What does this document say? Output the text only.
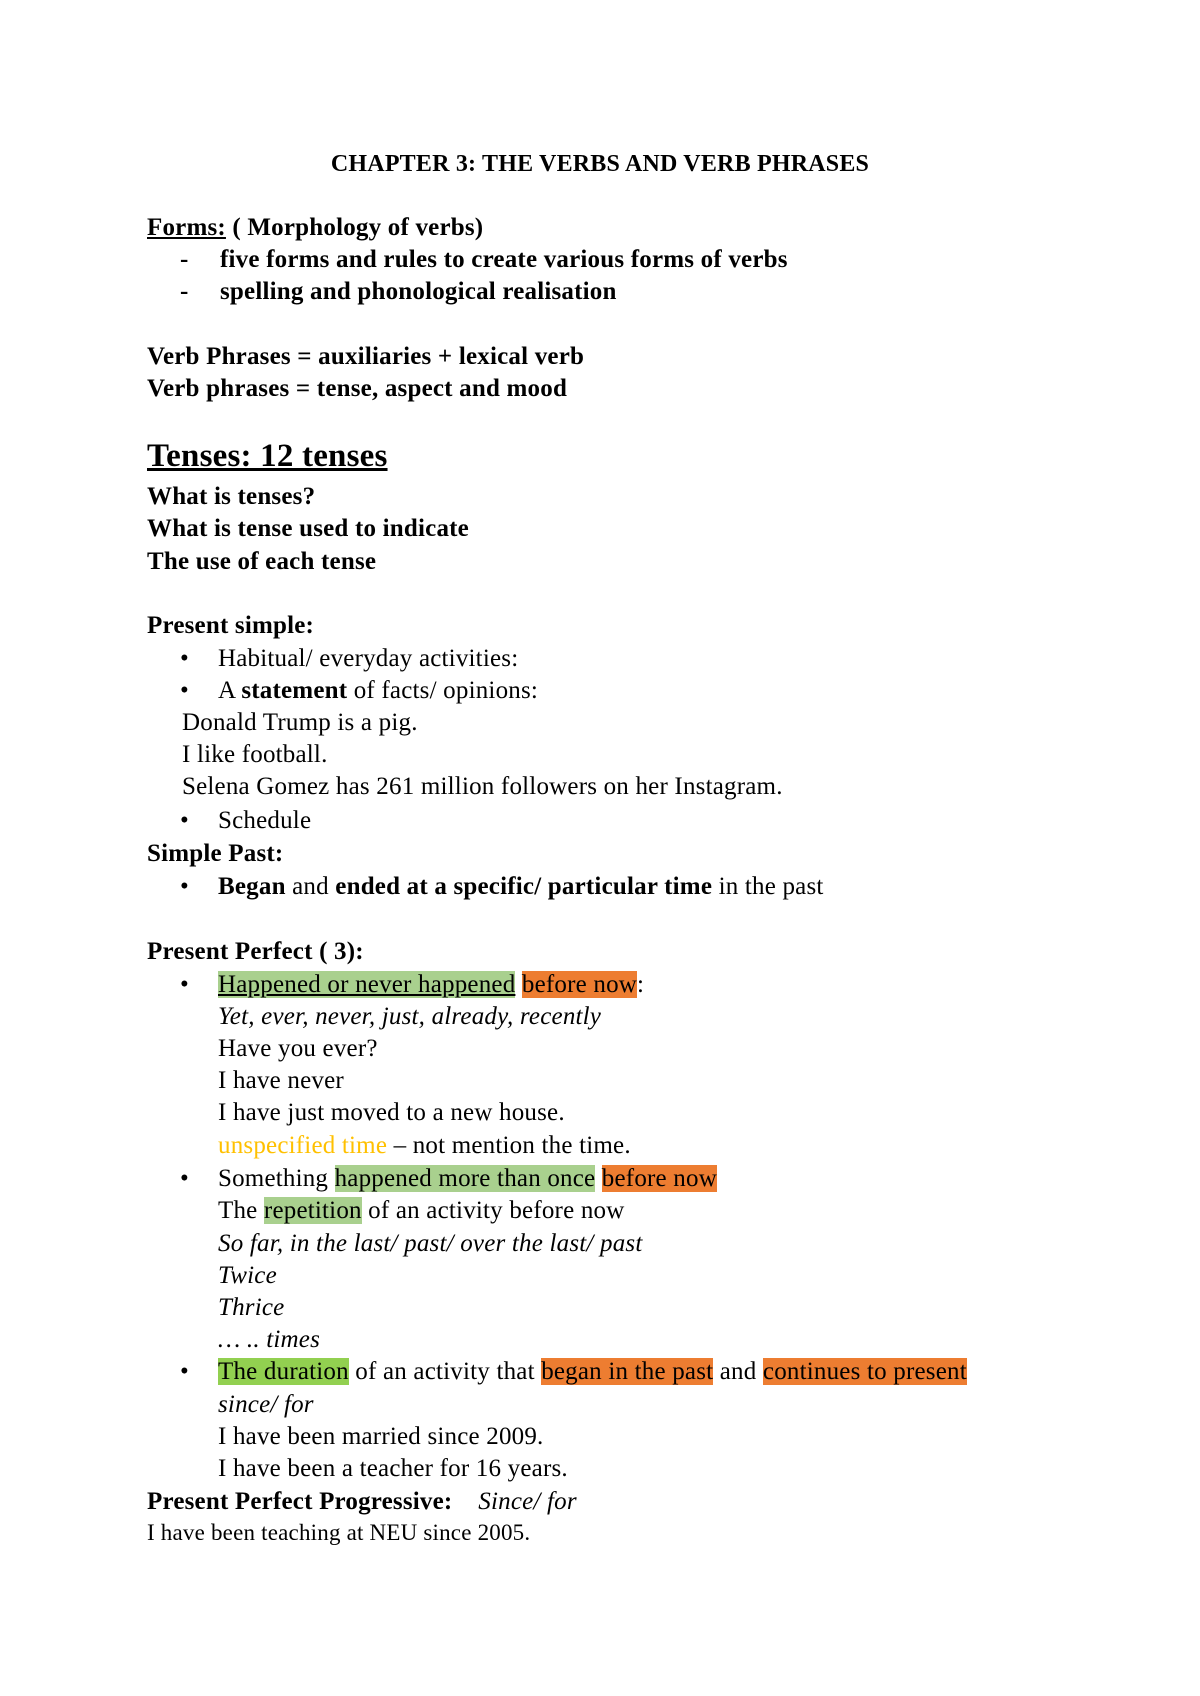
CHAPTER 3: THE VERBS AND VERB PHRASES
Forms: ( Morphology of verbs)
- five forms and rules to create various forms of verbs
- spelling and phonological realisation
Verb Phrases = auxiliaries + lexical verb
Verb phrases = tense, aspect and mood
Tenses: 12 tenses
What is tenses?
What is tense used to indicate
The use of each tense
Present simple:
• Habitual/ everyday activities:
• A statement of facts/ opinions:
Donald Trump is a pig.
I like football.
Selena Gomez has 261 million followers on her Instagram.
• Schedule
Simple Past:
• Began and ended at a specific/ particular time in the past
Present Perfect ( 3):
• Happened or never happened before now:
Yet, ever, never, just, already, recently
Have you ever?
I have never
I have just moved to a new house.
unspecified time – not mention the time.
• Something happened more than once before now
The repetition of an activity before now
So far, in the last/ past/ over the last/ past
Twice
Thrice
… .. times
• The duration of an activity that began in the past and continues to present
since/ for
I have been married since 2009.
I have been a teacher for 16 years.
Present Perfect Progressive: Since/ for
I have been teaching at NEU since 2005.
